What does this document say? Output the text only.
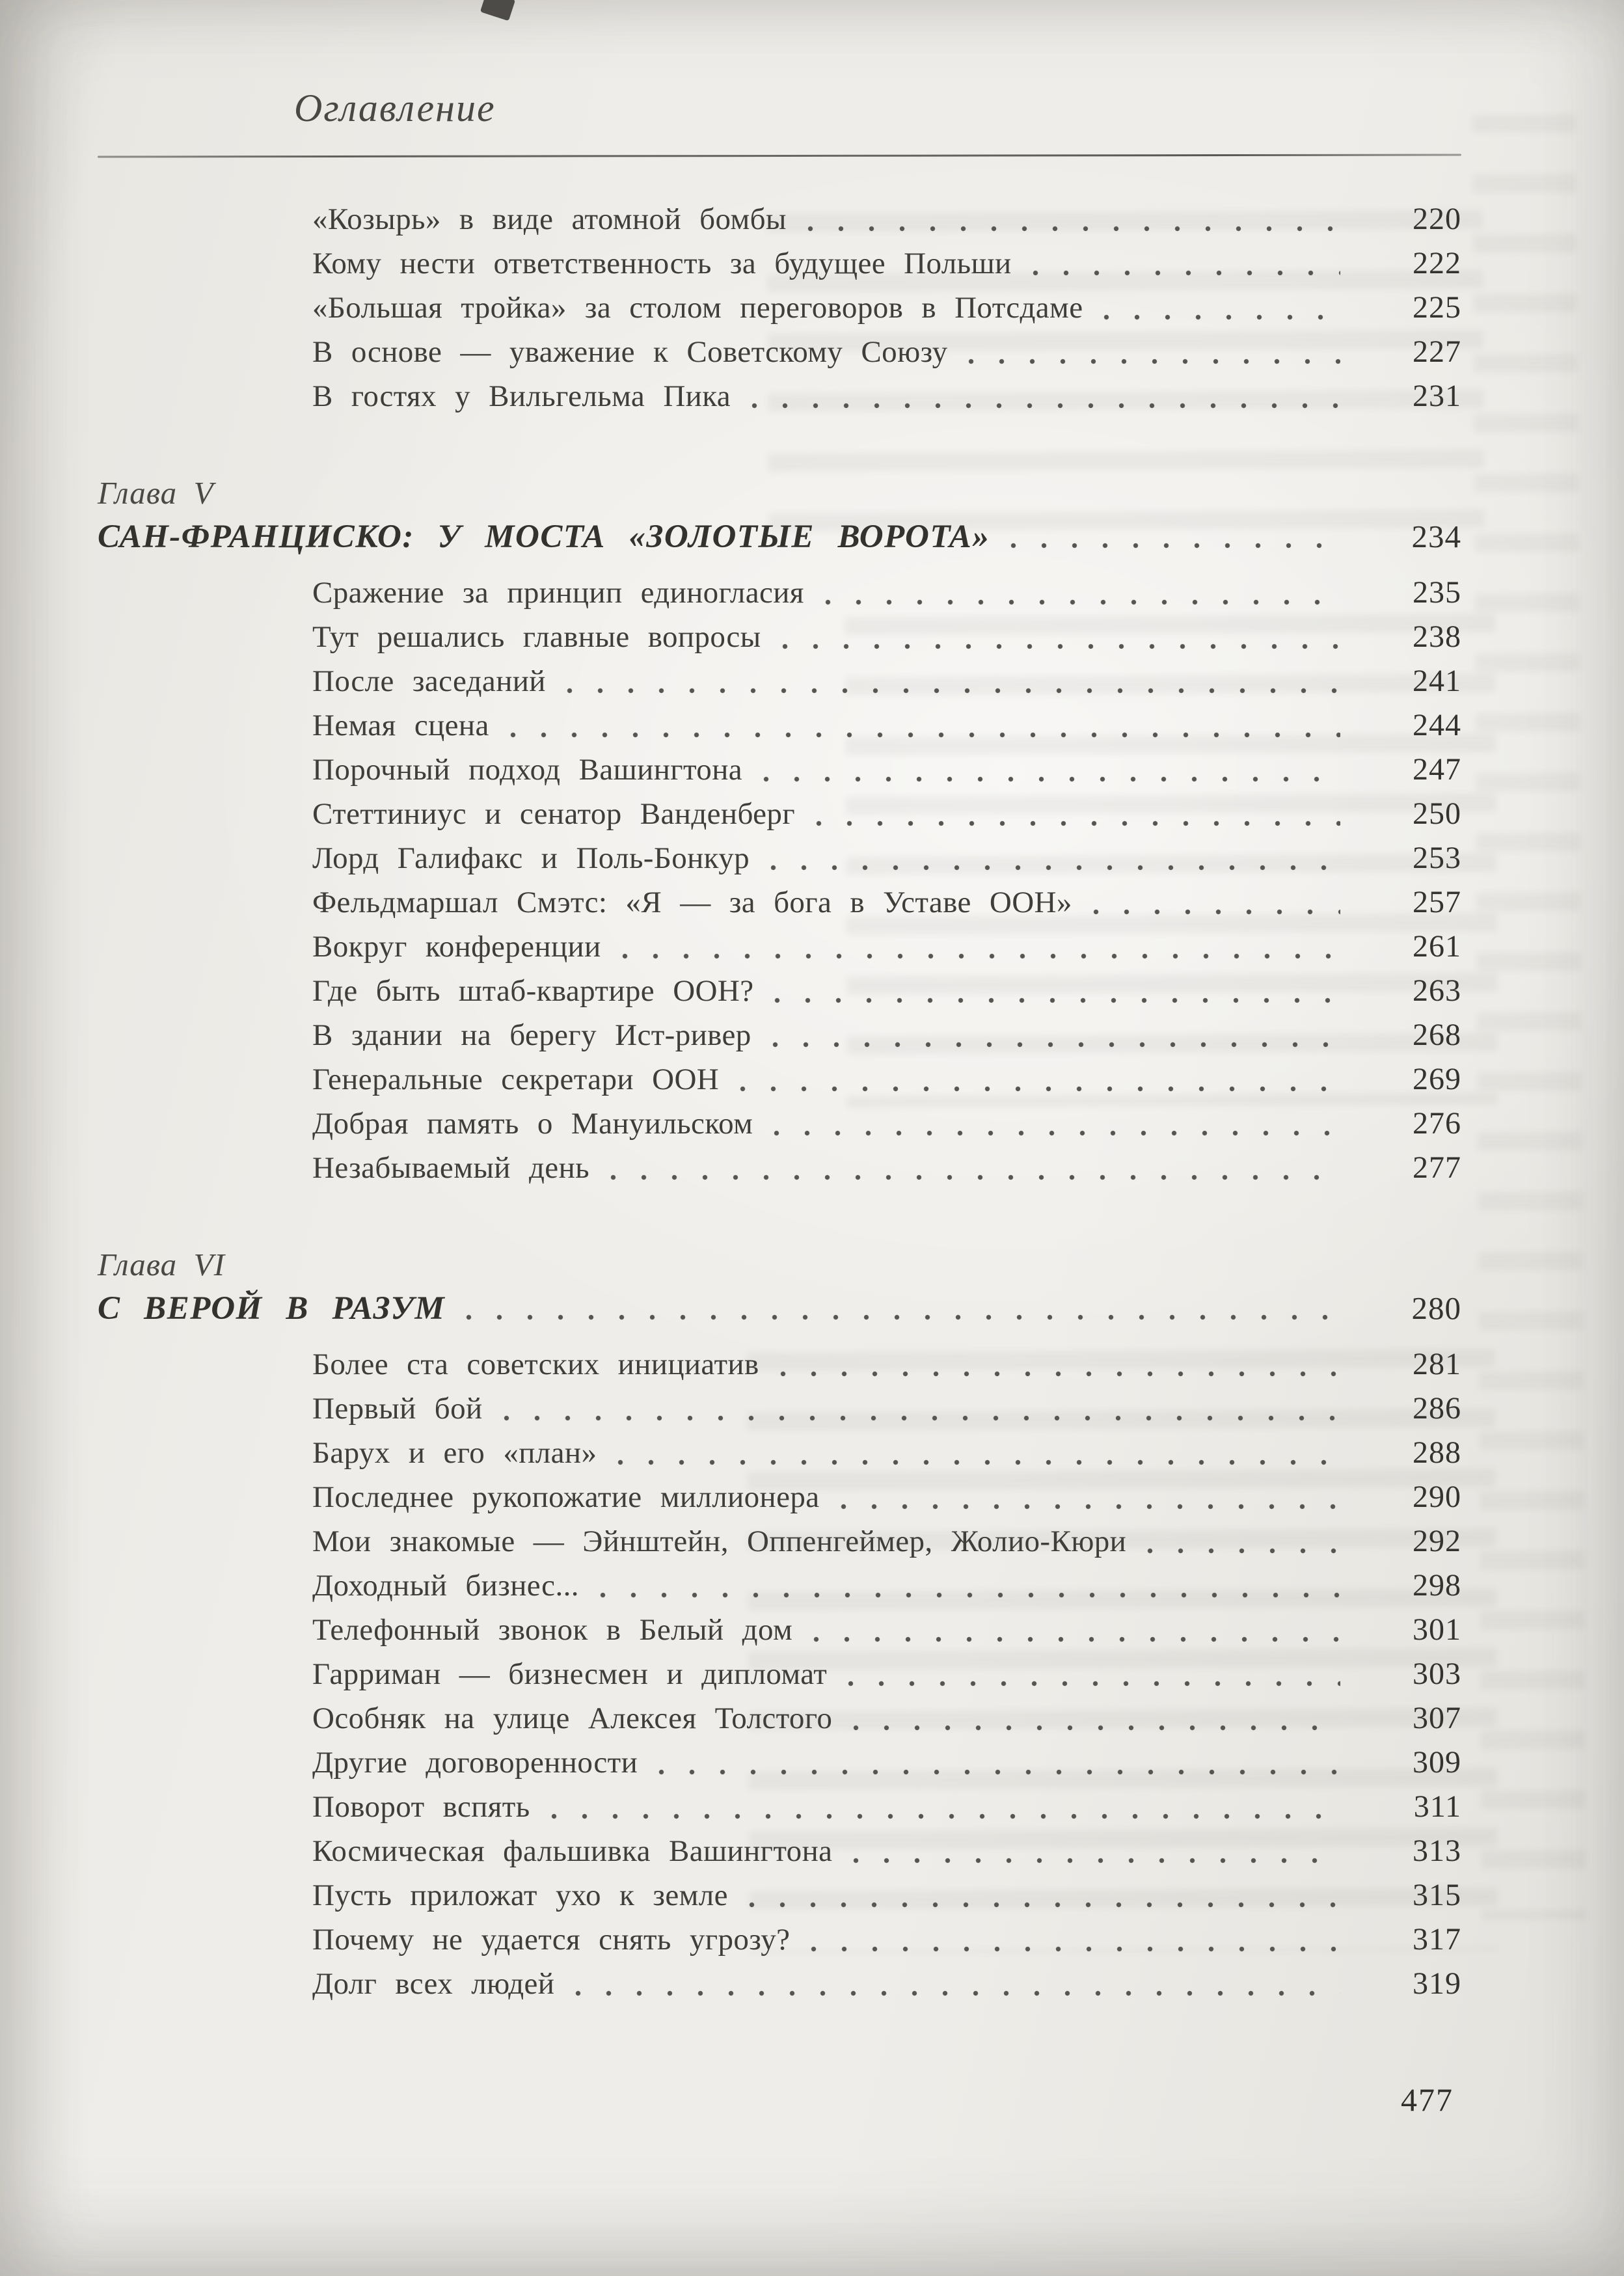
Оглавление
«Козырь» в виде атомной бомбы	220
Кому нести ответственность за будущее Польши	222
«Большая тройка» за столом переговоров в Потсдаме	225
В основе — уважение к Советскому Союзу	227
В гостях у Вильгельма Пика	231
Глава V
САН-ФРАНЦИСКО: У МОСТА «ЗОЛОТЫЕ ВОРОТА»	234
Сражение за принцип единогласия	235
Тут решались главные вопросы	238
После заседаний	241
Немая сцена	244
Порочный подход Вашингтона	247
Стеттиниус и сенатор Ванденберг	250
Лорд Галифакс и Поль-Бонкур	253
Фельдмаршал Смэтс: «Я — за бога в Уставе ООН»	257
Вокруг конференции	261
Где быть штаб-квартире ООН?	263
В здании на берегу Ист-ривер	268
Генеральные секретари ООН	269
Добрая память о Мануильском	276
Незабываемый день	277
Глава VI
С ВЕРОЙ В РАЗУМ	280
Более ста советских инициатив	281
Первый бой	286
Барух и его «план»	288
Последнее рукопожатие миллионера	290
Мои знакомые — Эйнштейн, Оппенгеймер, Жолио-Кюри	292
Доходный бизнес...	298
Телефонный звонок в Белый дом	301
Гарриман — бизнесмен и дипломат	303
Особняк на улице Алексея Толстого	307
Другие договоренности	309
Поворот вспять	311
Космическая фальшивка Вашингтона	313
Пусть приложат ухо к земле	315
Почему не удается снять угрозу?	317
Долг всех людей	319
477
